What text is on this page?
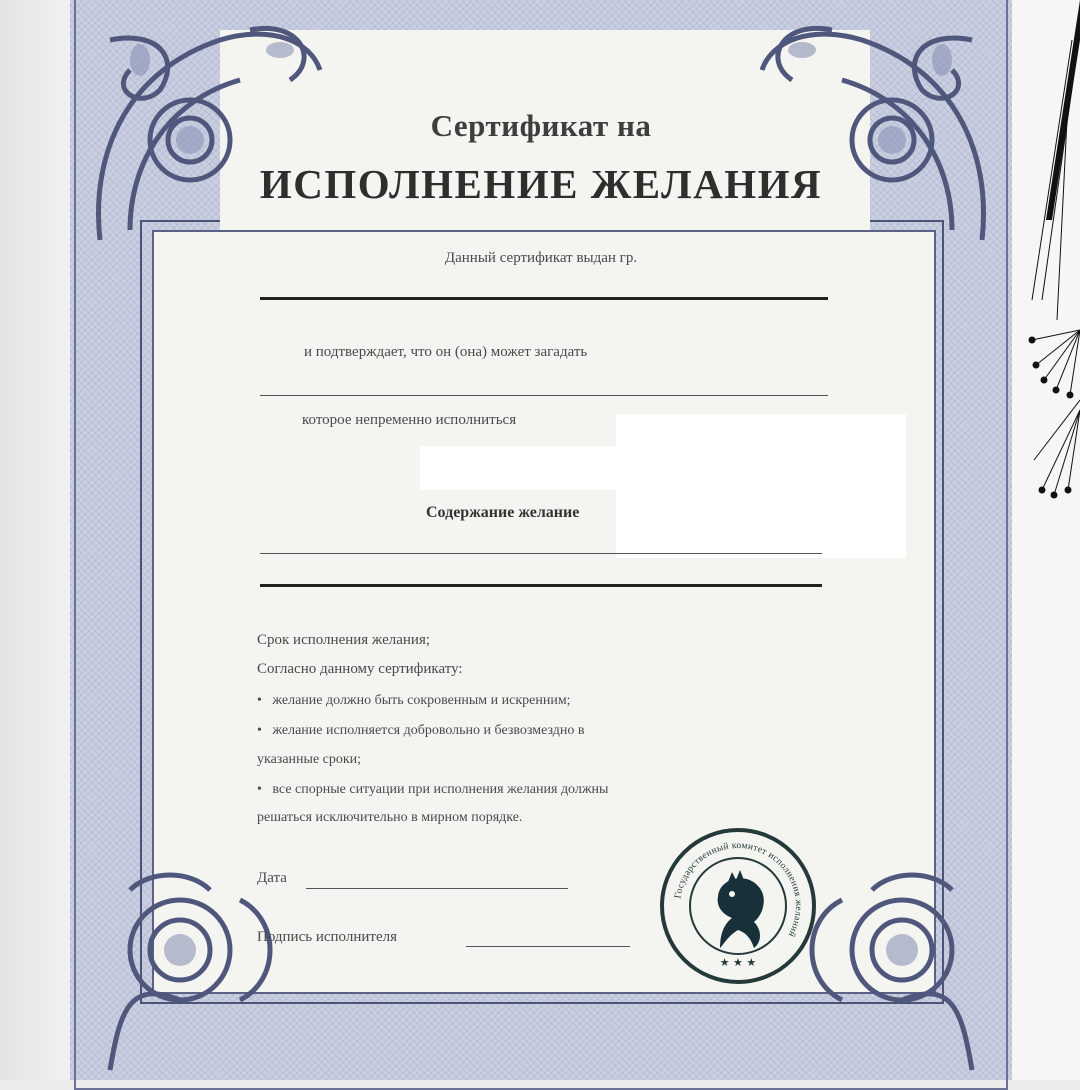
Сертификат на
ИСПОЛНЕНИЕ ЖЕЛАНИЯ
Данный сертификат выдан гр.
и подтверждает, что он (она) может загадать
которое непременно исполниться
Содержание желание
Срок исполнения желания;
Согласно данному сертификату:
•   желание должно быть сокровенным и искренним;
•   желание исполняется добровольно и безвозмездно в
указанные сроки;
•   все спорные ситуации при исполнения желания должны
решаться исключительно в мирном порядке.
Дата
Подпись исполнителя
Государственный комитет исполнения желаний
★ ★ ★
